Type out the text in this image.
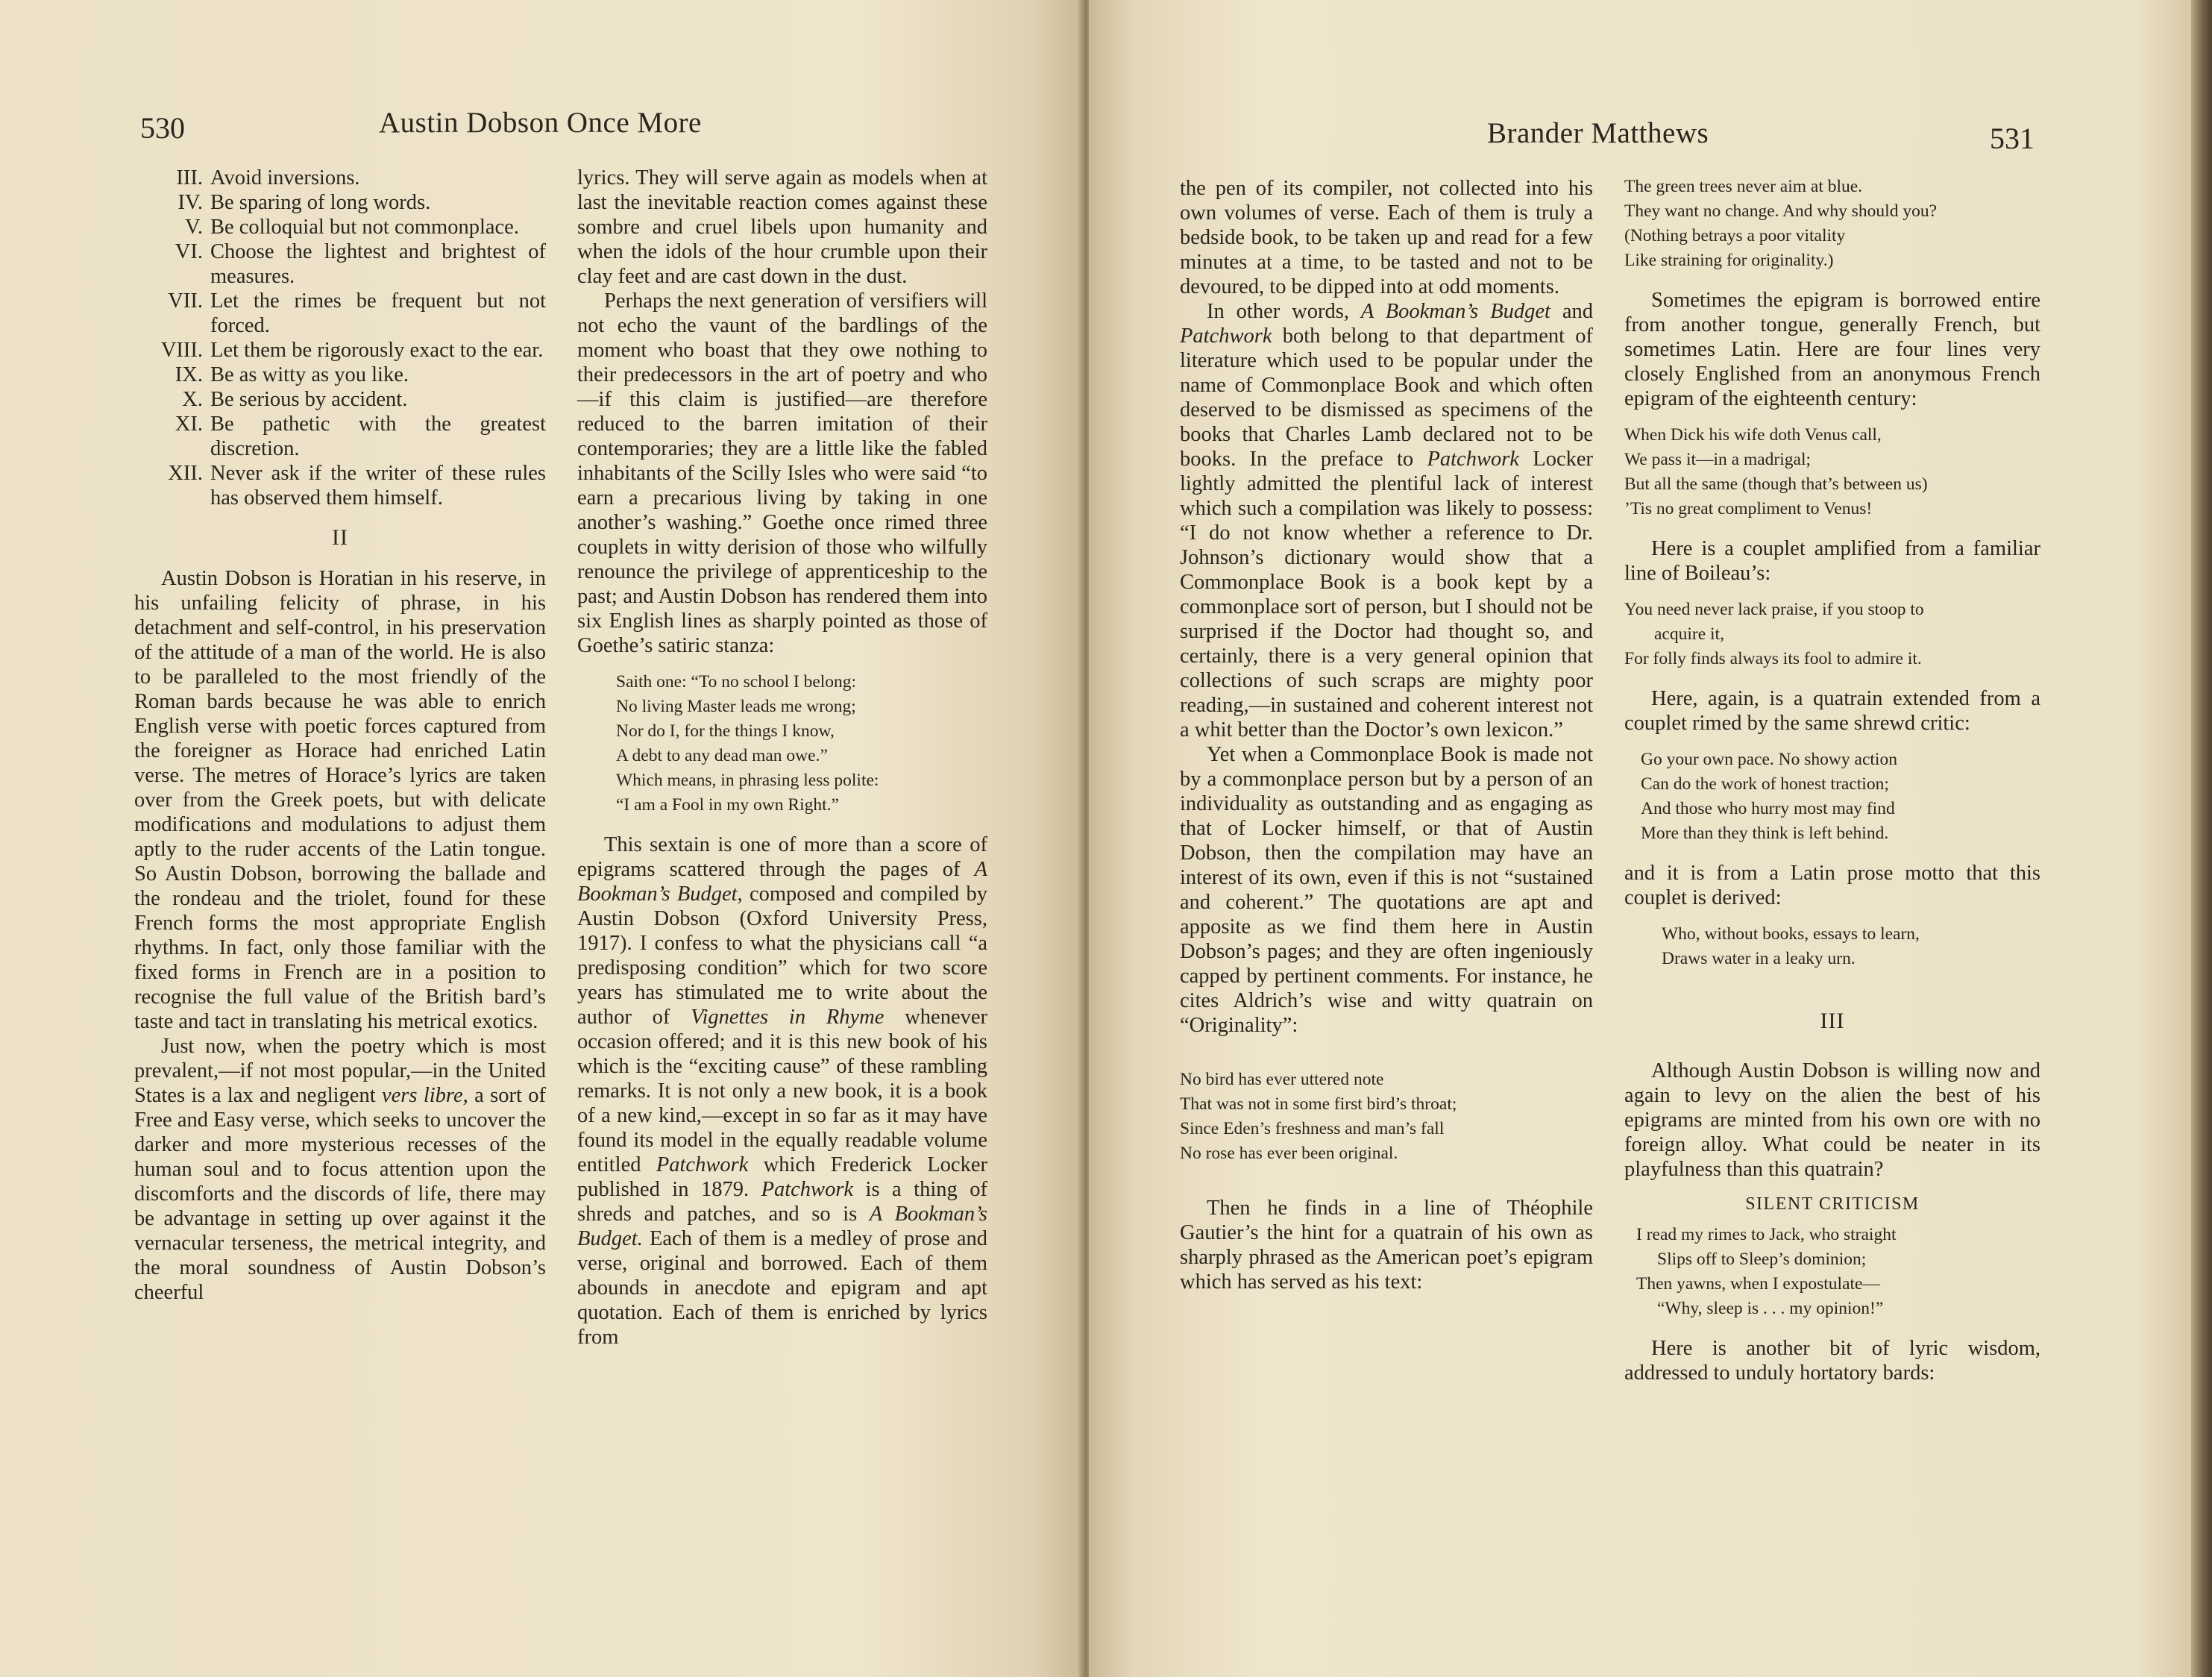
530	Austin Dobson Once More
III. Avoid inversions.
IV. Be sparing of long words.
V. Be colloquial but not commonplace.
VI. Choose the lightest and brightest of measures.
VII. Let the rimes be frequent but not forced.
VIII. Let them be rigorously exact to the ear.
IX. Be as witty as you like.
X. Be serious by accident.
XI. Be pathetic with the greatest discretion.
XII. Never ask if the writer of these rules has observed them himself.
II

Austin Dobson is Horatian in his reserve, in his unfailing felicity of phrase, in his detachment and self-control, in his preservation of the attitude of a man of the world. He is also to be paralleled to the most friendly of the Roman bards because he was able to enrich English verse with poetic forces captured from the foreigner as Horace had enriched Latin verse. The metres of Horace’s lyrics are taken over from the Greek poets, but with delicate modifications and modulations to adjust them aptly to the ruder accents of the Latin tongue. So Austin Dobson, borrowing the ballade and the rondeau and the triolet, found for these French forms the most appropriate English rhythms. In fact, only those familiar with the fixed forms in French are in a position to recognise the full value of the British bard’s taste and tact in translating his metrical exotics.

Just now, when the poetry which is most prevalent,—if not most popular,—in the United States is a lax and negligent vers libre, a sort of Free and Easy verse, which seeks to uncover the darker and more mysterious recesses of the human soul and to focus attention upon the discomforts and the discords of life, there may be advantage in setting up over against it the vernacular terseness, the metrical integrity, and the moral soundness of Austin Dobson’s cheerful

lyrics. They will serve again as models when at last the inevitable reaction comes against these sombre and cruel libels upon humanity and when the idols of the hour crumble upon their clay feet and are cast down in the dust.

Perhaps the next generation of versifiers will not echo the vaunt of the bardlings of the moment who boast that they owe nothing to their predecessors in the art of poetry and who—if this claim is justified—are therefore reduced to the barren imitation of their contemporaries; they are a little like the fabled inhabitants of the Scilly Isles who were said “to earn a precarious living by taking in one another’s washing.” Goethe once rimed three couplets in witty derision of those who wilfully renounce the privilege of apprenticeship to the past; and Austin Dobson has rendered them into six English lines as sharply pointed as those of Goethe’s satiric stanza:

Saith one: “To no school I belong:
No living Master leads me wrong;
Nor do I, for the things I know,
A debt to any dead man owe.”
Which means, in phrasing less polite:
“I am a Fool in my own Right.”

This sextain is one of more than a score of epigrams scattered through the pages of A Bookman’s Budget, composed and compiled by Austin Dobson (Oxford University Press, 1917). I confess to what the physicians call “a predisposing condition” which for two score years has stimulated me to write about the author of Vignettes in Rhyme whenever occasion offered; and it is this new book of his which is the “exciting cause” of these rambling remarks. It is not only a new book, it is a book of a new kind,—except in so far as it may have found its model in the equally readable volume entitled Patchwork which Frederick Locker published in 1879. Patchwork is a thing of shreds and patches, and so is A Bookman’s Budget. Each of them is a medley of prose and verse, original and borrowed. Each of them abounds in anecdote and epigram and apt quotation. Each of them is enriched by lyrics from

Brander Matthews	531

the pen of its compiler, not collected into his own volumes of verse. Each of them is truly a bedside book, to be taken up and read for a few minutes at a time, to be tasted and not to be devoured, to be dipped into at odd moments.

In other words, A Bookman’s Budget and Patchwork both belong to that department of literature which used to be popular under the name of Commonplace Book and which often deserved to be dismissed as specimens of the books that Charles Lamb declared not to be books. In the preface to Patchwork Locker lightly admitted the plentiful lack of interest which such a compilation was likely to possess: “I do not know whether a reference to Dr. Johnson’s dictionary would show that a Commonplace Book is a book kept by a commonplace sort of person, but I should not be surprised if the Doctor had thought so, and certainly, there is a very general opinion that collections of such scraps are mighty poor reading,—in sustained and coherent interest not a whit better than the Doctor’s own lexicon.”

Yet when a Commonplace Book is made not by a commonplace person but by a person of an individuality as outstanding and as engaging as that of Locker himself, or that of Austin Dobson, then the compilation may have an interest of its own, even if this is not “sustained and coherent.” The quotations are apt and apposite as we find them here in Austin Dobson’s pages; and they are often ingeniously capped by pertinent comments. For instance, he cites Aldrich’s wise and witty quatrain on “Originality”:

No bird has ever uttered note
That was not in some first bird’s throat;
Since Eden’s freshness and man’s fall
No rose has ever been original.

Then he finds in a line of Théophile Gautier’s the hint for a quatrain of his own as sharply phrased as the American poet’s epigram which has served as his text:

The green trees never aim at blue.
They want no change. And why should you?
(Nothing betrays a poor vitality
Like straining for originality.)

Sometimes the epigram is borrowed entire from another tongue, generally French, but sometimes Latin. Here are four lines very closely Englished from an anonymous French epigram of the eighteenth century:

When Dick his wife doth Venus call,
We pass it—in a madrigal;
But all the same (though that’s between us)
’Tis no great compliment to Venus!

Here is a couplet amplified from a familiar line of Boileau’s:

You need never lack praise, if you stoop to
acquire it,
For folly finds always its fool to admire it.

Here, again, is a quatrain extended from a couplet rimed by the same shrewd critic:

Go your own pace. No showy action
Can do the work of honest traction;
And those who hurry most may find
More than they think is left behind.

and it is from a Latin prose motto that this couplet is derived:

Who, without books, essays to learn,
Draws water in a leaky urn.
III

Although Austin Dobson is willing now and again to levy on the alien the best of his epigrams are minted from his own ore with no foreign alloy. What could be neater in its playfulness than this quatrain?

SILENT CRITICISM
I read my rimes to Jack, who straight
Slips off to Sleep’s dominion;
Then yawns, when I expostulate—
“Why, sleep is . . . my opinion!”

Here is another bit of lyric wisdom, addressed to unduly hortatory bards:
